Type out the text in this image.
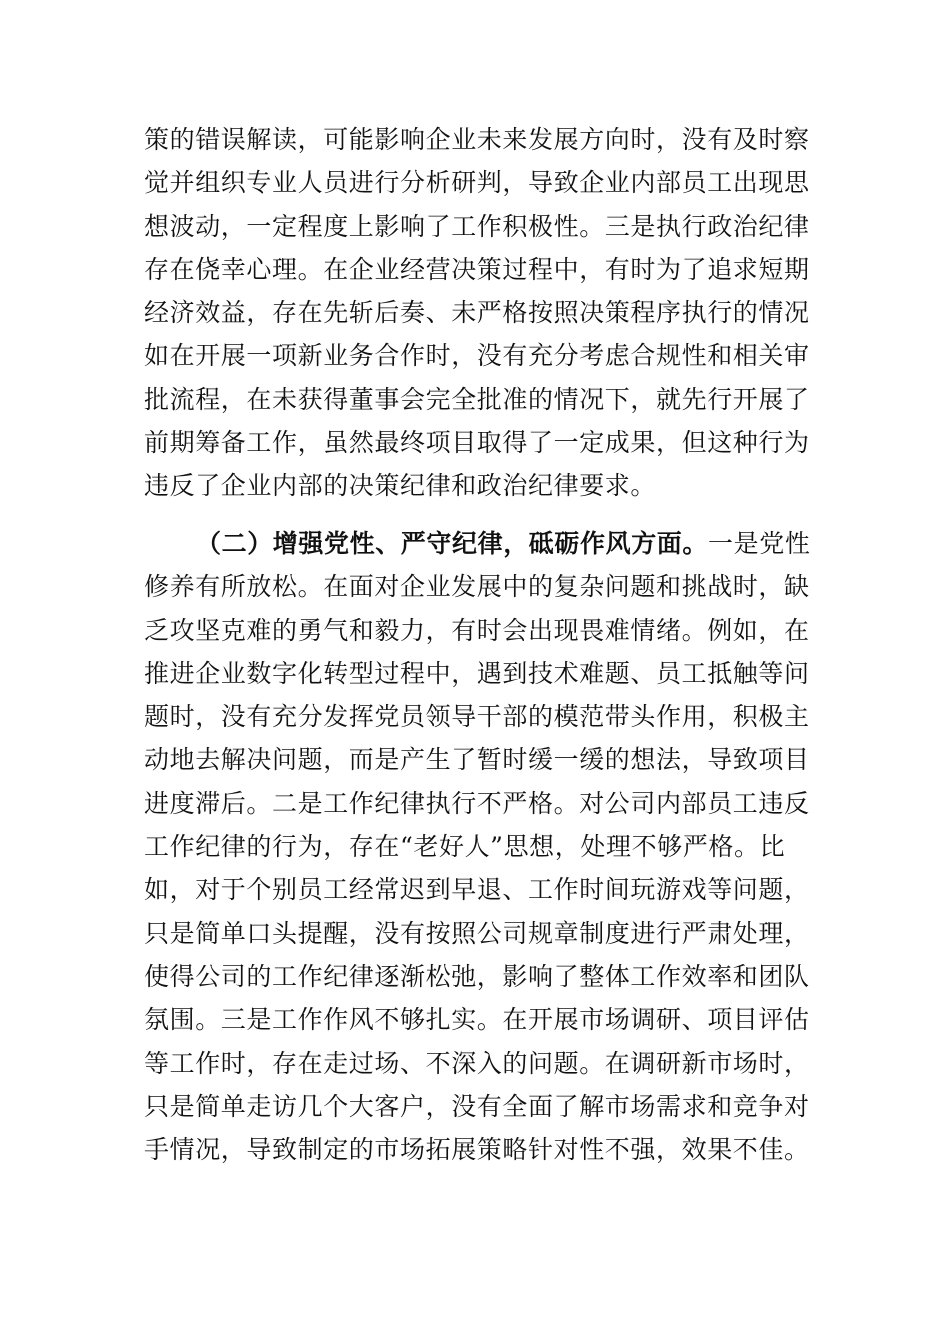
策的错误解读，可能影响企业未来发展方向时，没有及时察
觉并组织专业人员进行分析研判，导致企业内部员工出现思
想波动，一定程度上影响了工作积极性。三是执行政治纪律
存在侥幸心理。在企业经营决策过程中，有时为了追求短期
经济效益，存在先斩后奏、未严格按照决策程序执行的情况
如在开展一项新业务合作时，没有充分考虑合规性和相关审
批流程，在未获得董事会完全批准的情况下，就先行开展了
前期筹备工作，虽然最终项目取得了一定成果，但这种行为
违反了企业内部的决策纪律和政治纪律要求。
（二）增强党性、严守纪律，砥砺作风方面。一是党性
修养有所放松。在面对企业发展中的复杂问题和挑战时，缺
乏攻坚克难的勇气和毅力，有时会出现畏难情绪。例如，在
推进企业数字化转型过程中，遇到技术难题、员工抵触等问
题时，没有充分发挥党员领导干部的模范带头作用，积极主
动地去解决问题，而是产生了暂时缓一缓的想法，导致项目
进度滞后。二是工作纪律执行不严格。对公司内部员工违反
工作纪律的行为，存在“老好人”思想，处理不够严格。比
如，对于个别员工经常迟到早退、工作时间玩游戏等问题，
只是简单口头提醒，没有按照公司规章制度进行严肃处理，
使得公司的工作纪律逐渐松弛，影响了整体工作效率和团队
氛围。三是工作作风不够扎实。在开展市场调研、项目评估
等工作时，存在走过场、不深入的问题。在调研新市场时，
只是简单走访几个大客户，没有全面了解市场需求和竞争对
手情况，导致制定的市场拓展策略针对性不强，效果不佳。
